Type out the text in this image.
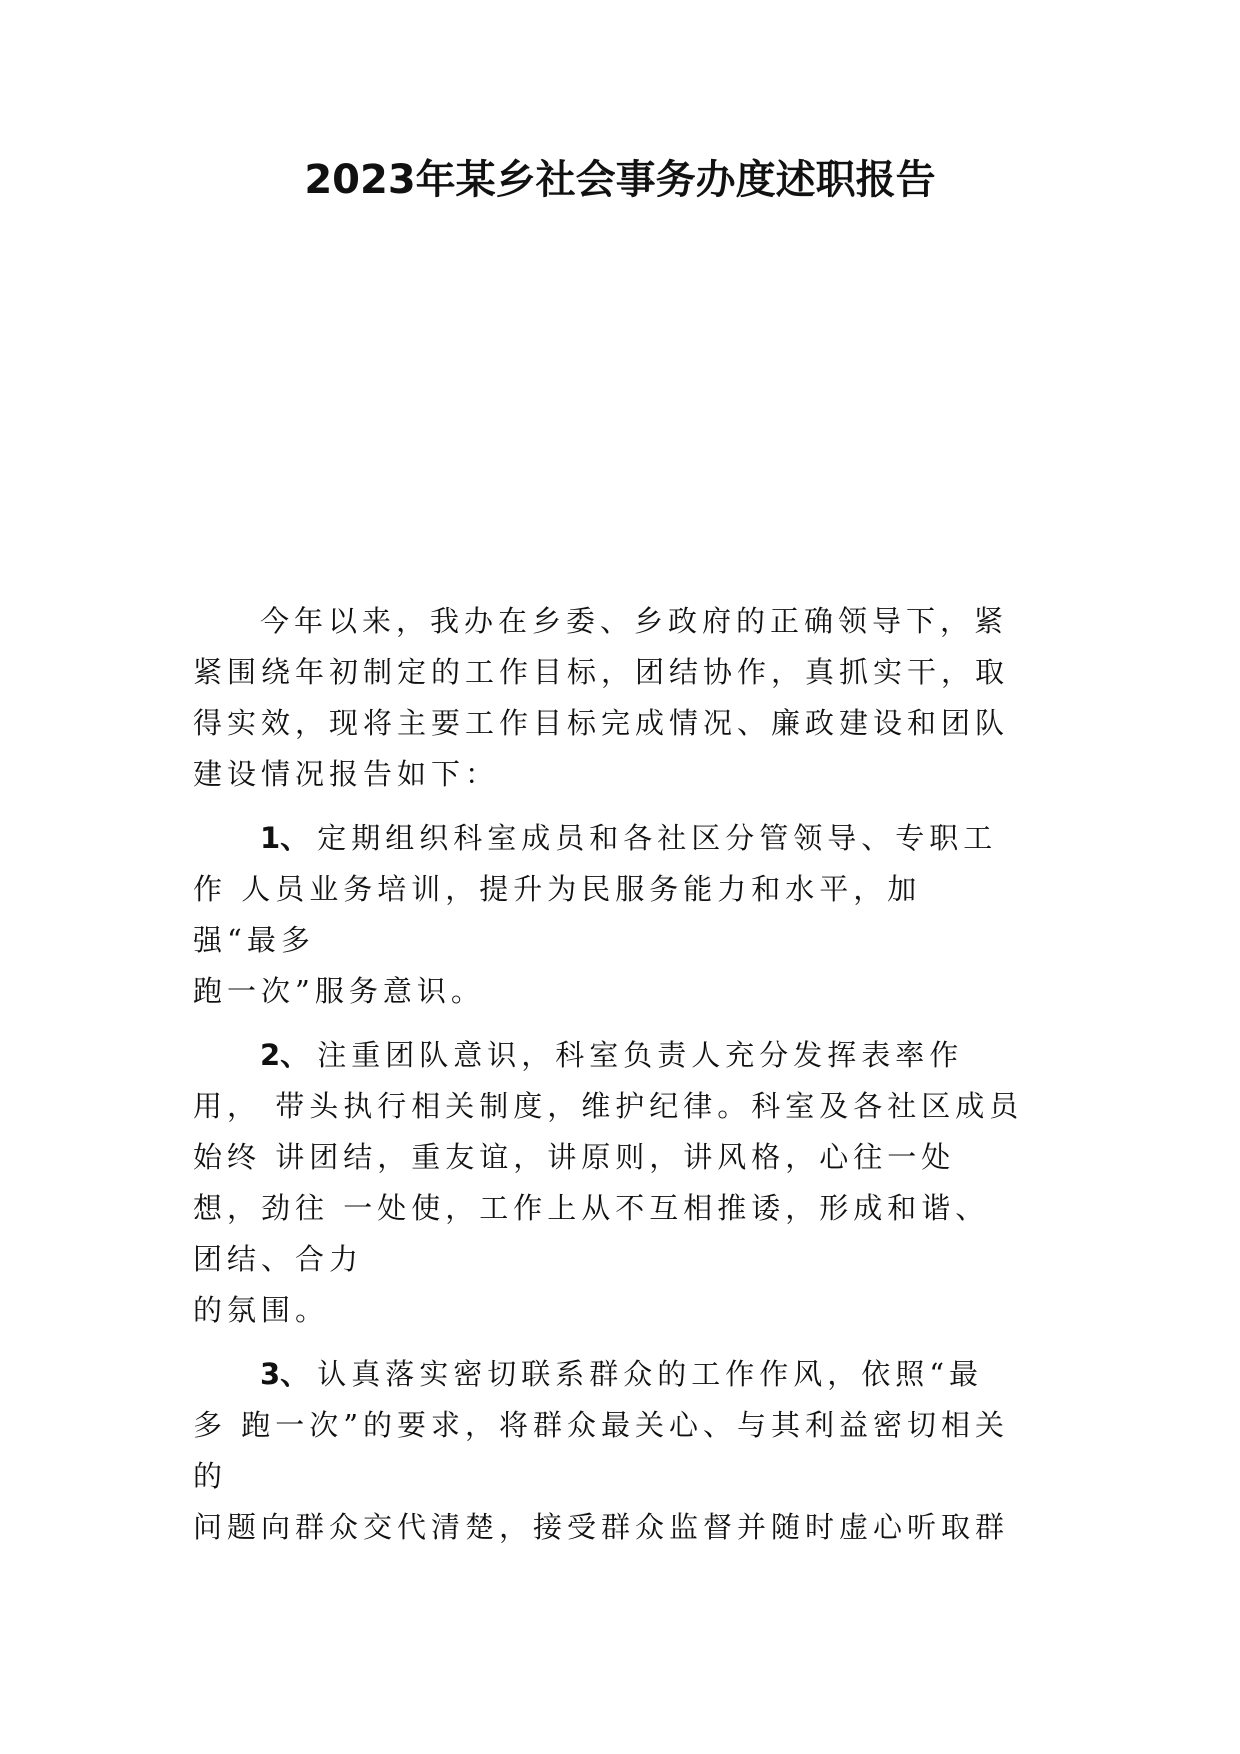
2023年某乡社会事务办度述职报告
今年以来，我办在乡委、乡政府的正确领导下，紧
紧围绕年初制定的工作目标，团结协作，真抓实干，取
得实效，现将主要工作目标完成情况、廉政建设和团队
建设情况报告如下：
1、 定期组织科室成员和各社区分管领导、专职工
作 人员业务培训，提升为民服务能力和水平，加
强“最多
跑一次”服务意识。
2、 注重团队意识，科室负责人充分发挥表率作
用， 带头执行相关制度，维护纪律。科室及各社区成员
始终 讲团结，重友谊，讲原则，讲风格，心往一处
想，劲往 一处使，工作上从不互相推诿，形成和谐、
团结、合力
的氛围。
3、 认真落实密切联系群众的工作作风，依照“最
多 跑一次”的要求，将群众最关心、与其利益密切相关
的
问题向群众交代清楚，接受群众监督并随时虚心听取群
